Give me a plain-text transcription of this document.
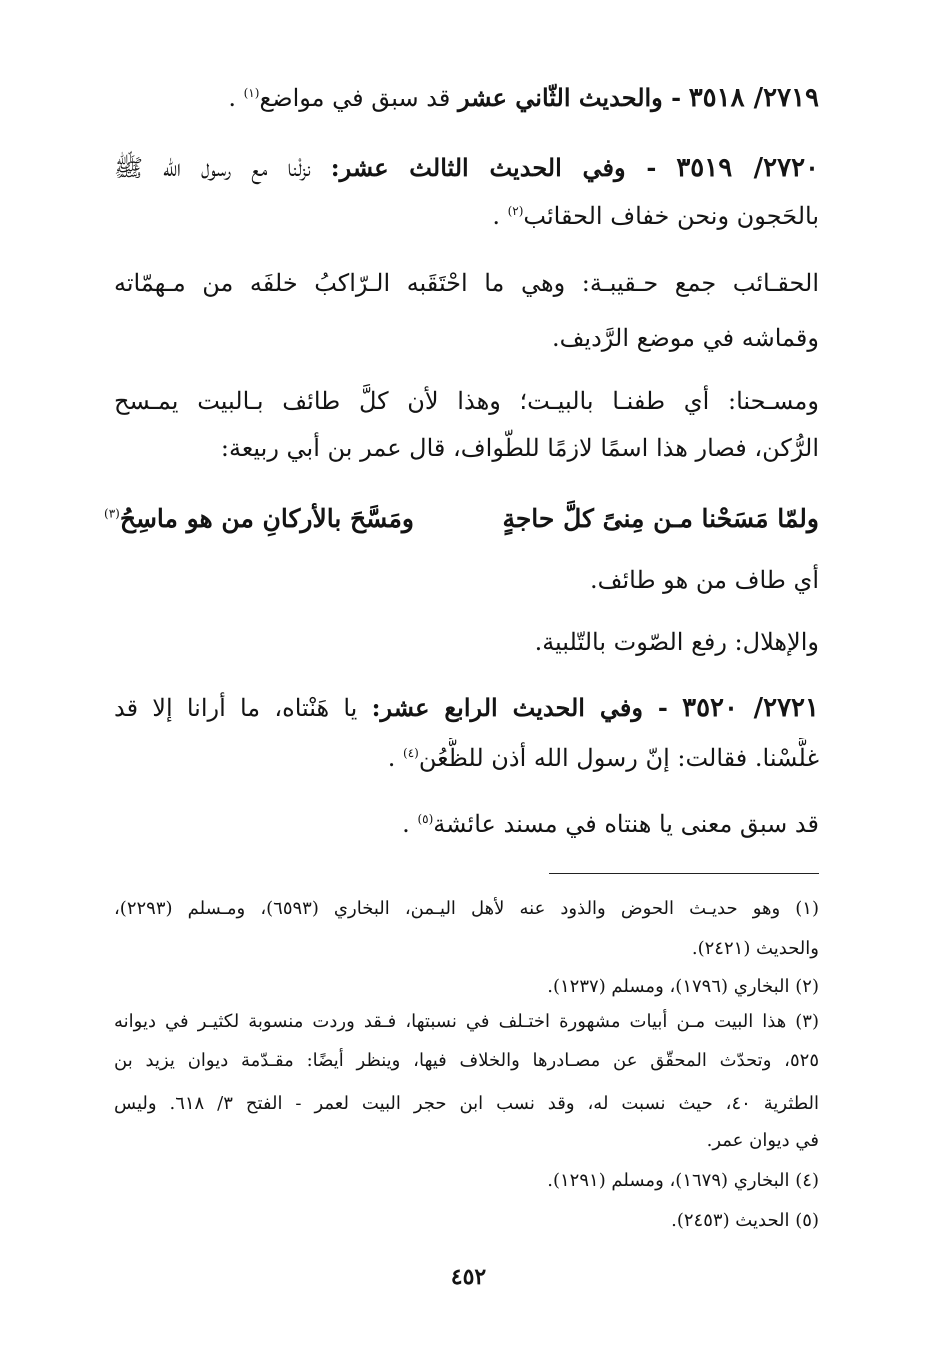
٢٧١٩/ ٣٥١٨ - والحديث الثّاني عشر قد سبق في مواضع$^{(١)}$ .
٢٧٢٠/ ٣٥١٩ - وفي الحديث الثالث عشر: نزلْنا مع رسول الله ﷺ
بالحَجون ونحن خفاف الحقائب$^{(٢)}$ .
الحقـائب جمع حـقيبـة: وهي ما احْتَقَبه الـرّاكبُ خلفَه من مـهمّاته
وقماشه في موضع الرَّديف.
ومسـحنا: أي طفنـا بالبيـت؛ وهذا لأن كلَّ طائف بـالبيت يمـسح
الرُّكن، فصار هذا اسمًا لازمًا للطّواف، قال عمر بن أبي ربيعة:
ولمّا مَسَحْنا مـن مِنىً كلَّ حاجةٍ
ومَسَّحَ بالأركانِ من هو ماسِحُ$^{(٣)}$
أي طاف من هو طائف.
والإهلال: رفع الصّوت بالتّلبية.
٢٧٢١/ ٣٥٢٠ - وفي الحديث الرابع عشر: يا هَنْتاه، ما أرانا إلا قد
غلَّسْنا. فقالت: إنّ رسول الله أذن للظُّعُن$^{(٤)}$ .
قد سبق معنى يا هنتاه في مسند عائشة$^{(٥)}$ .
(١) وهو حديـث الحوض والذود عنه لأهل اليـمن، البخاري (٦٥٩٣)، ومـسلم (٢٢٩٣)،
والحديث (٢٤٢١).
(٢) البخاري (١٧٩٦)، ومسلم (١٢٣٧).
(٣) هذا البيت مـن أبيات مشهورة اختـلف في نسبتها، فـقد وردت منسوبة لكثيـر في ديوانه
٥٢٥، وتحدّث المحقّق عن مصـادرها والخلاف فيها، وينظر أيضًا: مقـدّمة ديوان يزيد بن
الطثرية ٤٠، حيث نسبت له، وقد نسب ابن حجر البيت لعمر - الفتح ٣/ ٦١٨. وليس
في ديوان عمر.
(٤) البخاري (١٦٧٩)، ومسلم (١٢٩١).
(٥) الحديث (٢٤٥٣).
٤٥٢
